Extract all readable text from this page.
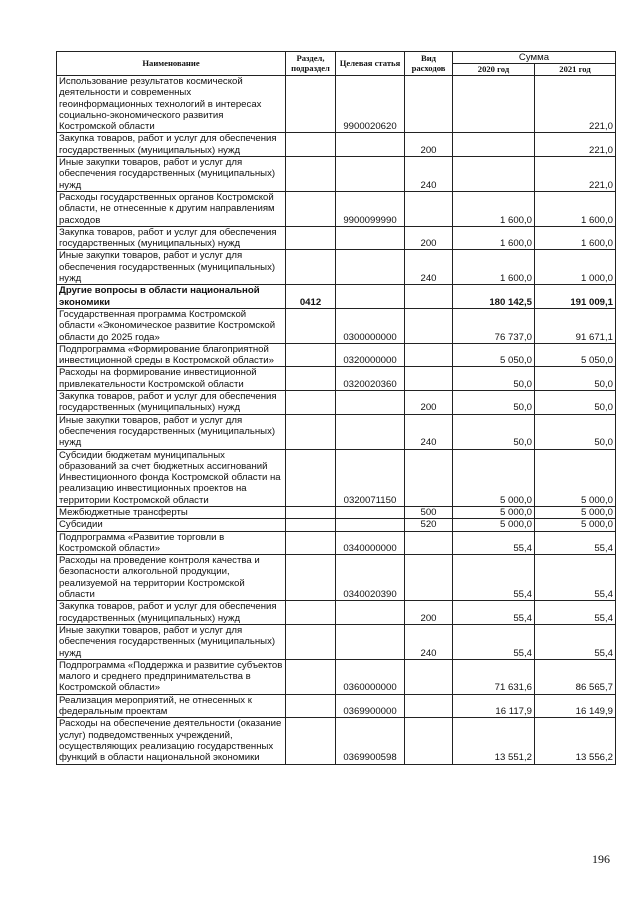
Наименование	Раздел, подраздел	Целевая статья	Вид расходов	Сумма	
				2020 год	2021 год
Использование результатов космической деятельности и современных геоинформационных технологий в интересах социально-экономического развития Костромской области		9900020620			221,0
Закупка товаров, работ и услуг для обеспечения государственных (муниципальных) нужд			200		221,0
Иные закупки товаров, работ и услуг для обеспечения государственных (муниципальных) нужд			240		221,0
Расходы государственных органов Костромской области, не отнесенные к другим направлениям расходов		9900099990		1 600,0	1 600,0
Закупка товаров, работ и услуг для обеспечения государственных (муниципальных) нужд			200	1 600,0	1 600,0
Иные закупки товаров, работ и услуг для обеспечения государственных (муниципальных) нужд			240	1 600,0	1 000,0
Другие вопросы в области национальной экономики	0412			180 142,5	191 009,1
Государственная программа Костромской области «Экономическое развитие Костромской области до 2025 года»		0300000000		76 737,0	91 671,1
Подпрограмма «Формирование благоприятной инвестиционной среды в Костромской области»		0320000000		5 050,0	5 050,0
Расходы на формирование инвестиционной привлекательности Костромской области		0320020360		50,0	50,0
Закупка товаров, работ и услуг для обеспечения государственных (муниципальных) нужд			200	50,0	50,0
Иные закупки товаров, работ и услуг для обеспечения государственных (муниципальных) нужд			240	50,0	50,0
Субсидии бюджетам муниципальных образований за счет бюджетных ассигнований Инвестиционного фонда Костромской области на реализацию инвестиционных проектов на территории Костромской области		0320071150		5 000,0	5 000,0
Межбюджетные трансферты			500	5 000,0	5 000,0
Субсидии			520	5 000,0	5 000,0
Подпрограмма «Развитие торговли в Костромской области»		0340000000		55,4	55,4
Расходы на проведение контроля качества и безопасности алкогольной продукции, реализуемой на территории Костромской области		0340020390		55,4	55,4
Закупка товаров, работ и услуг для обеспечения государственных (муниципальных) нужд			200	55,4	55,4
Иные закупки товаров, работ и услуг для обеспечения государственных (муниципальных) нужд			240	55,4	55,4
Подпрограмма «Поддержка и развитие субъектов малого и среднего предпринимательства в Костромской области»		0360000000		71 631,6	86 565,7
Реализация мероприятий, не отнесенных к федеральным проектам		0369900000		16 117,9	16 149,9
Расходы на обеспечение деятельности (оказание услуг) подведомственных учреждений, осуществляющих реализацию государственных функций в области национальной экономики		0369900598		13 551,2	13 556,2
196
